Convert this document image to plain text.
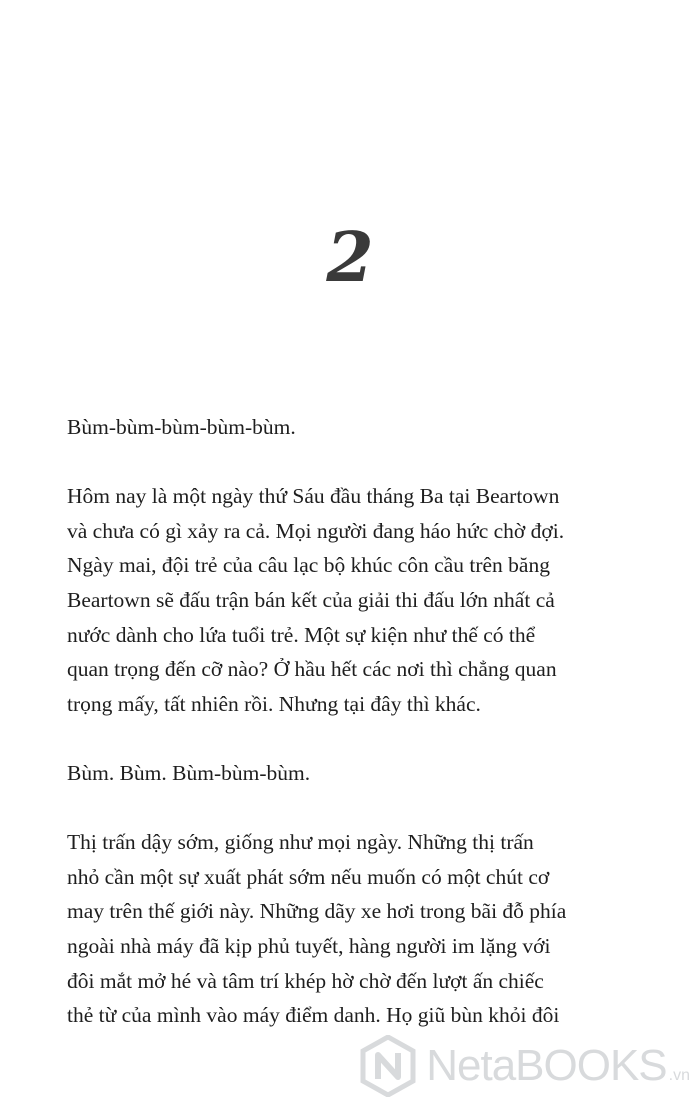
2

Bùm-bùm-bùm-bùm-bùm.

Hôm nay là một ngày thứ Sáu đầu tháng Ba tại Beartown
và chưa có gì xảy ra cả. Mọi người đang háo hức chờ đợi.
Ngày mai, đội trẻ của câu lạc bộ khúc côn cầu trên băng
Beartown sẽ đấu trận bán kết của giải thi đấu lớn nhất cả
nước dành cho lứa tuổi trẻ. Một sự kiện như thế có thể
quan trọng đến cỡ nào? Ở hầu hết các nơi thì chẳng quan
trọng mấy, tất nhiên rồi. Nhưng tại đây thì khác.

Bùm. Bùm. Bùm-bùm-bùm.

Thị trấn dậy sớm, giống như mọi ngày. Những thị trấn
nhỏ cần một sự xuất phát sớm nếu muốn có một chút cơ
may trên thế giới này. Những dãy xe hơi trong bãi đỗ phía
ngoài nhà máy đã kịp phủ tuyết, hàng người im lặng với
đôi mắt mở hé và tâm trí khép hờ chờ đến lượt ấn chiếc
thẻ từ của mình vào máy điểm danh. Họ giũ bùn khỏi đôi

NetaBOOKS .vn
